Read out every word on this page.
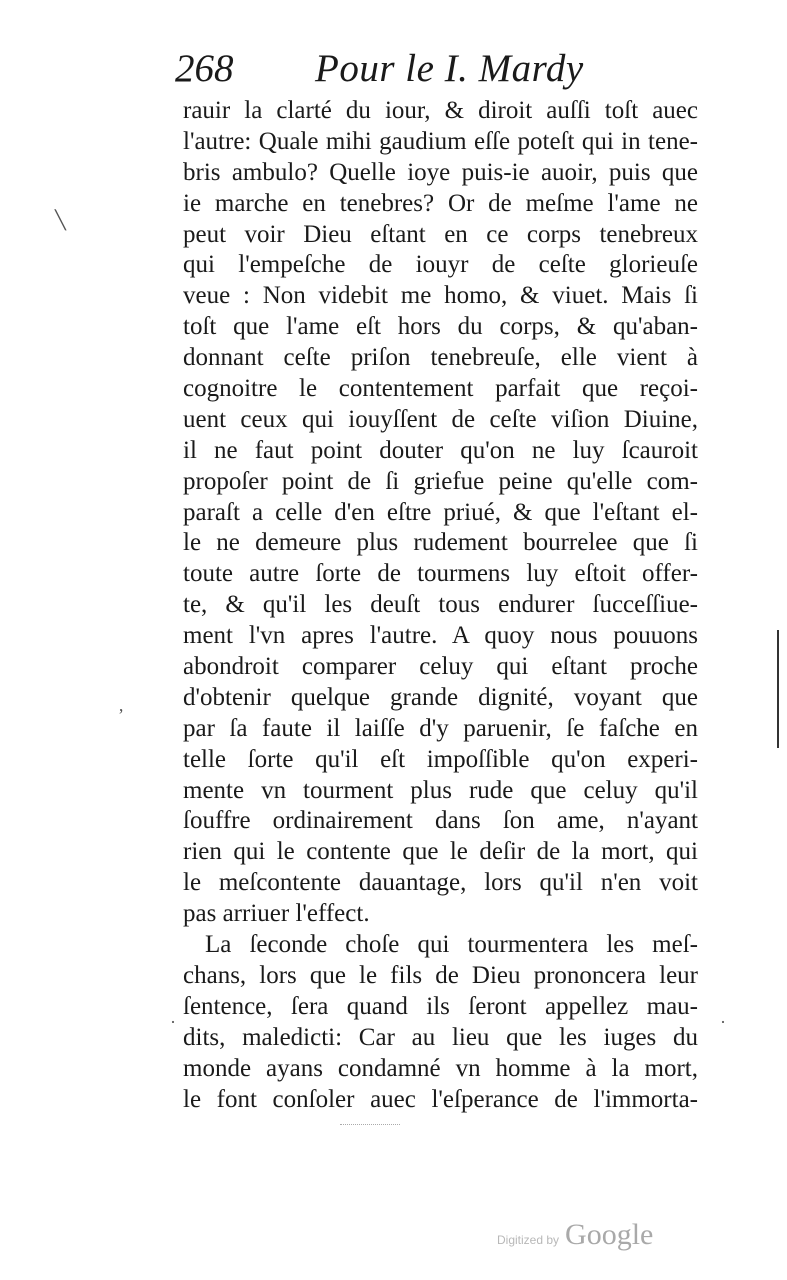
268 Pour le I. Mardy
rauir la clarté du iour, & diroit auſſi toſt auec
l'autre: Quale mihi gaudium eſſe poteſt qui in tene-
bris ambulo? Quelle ioye puis-ie auoir, puis que
ie marche en tenebres? Or de meſme l'ame ne
peut voir Dieu eſtant en ce corps tenebreux
qui l'empeſche de iouyr de ceſte glorieuſe
veue : Non videbit me homo, & viuet. Mais ſi
toſt que l'ame eſt hors du corps, & qu'aban-
donnant ceſte priſon tenebreuſe, elle vient à
cognoitre le contentement parfait que reçoi-
uent ceux qui iouyſſent de ceſte viſion Diuine,
il ne faut point douter qu'on ne luy ſcauroit
propoſer point de ſi griefue peine qu'elle com-
paraſt a celle d'en eſtre priué, & que l'eſtant el-
le ne demeure plus rudement bourrelee que ſi
toute autre ſorte de tourmens luy eſtoit offer-
te, & qu'il les deuſt tous endurer ſucceſſiue-
ment l'vn apres l'autre. A quoy nous pouuons
abondroit comparer celuy qui eſtant proche
d'obtenir quelque grande dignité, voyant que
par ſa faute il laiſſe d'y paruenir, ſe faſche en
telle ſorte qu'il eſt impoſſible qu'on experi-
mente vn tourment plus rude que celuy qu'il
ſouffre ordinairement dans ſon ame, n'ayant
rien qui le contente que le deſir de la mort, qui
le meſcontente dauantage, lors qu'il n'en voit
pas arriuer l'effect.
La ſeconde choſe qui tourmentera les meſ-
chans, lors que le fils de Dieu prononcera leur
ſentence, ſera quand ils ſeront appellez mau-
dits, maledicti: Car au lieu que les iuges du
monde ayans condamné vn homme à la mort,
le font conſoler auec l'eſperance de l'immorta-
╲
ʼ
·	·
Digitized by Google
